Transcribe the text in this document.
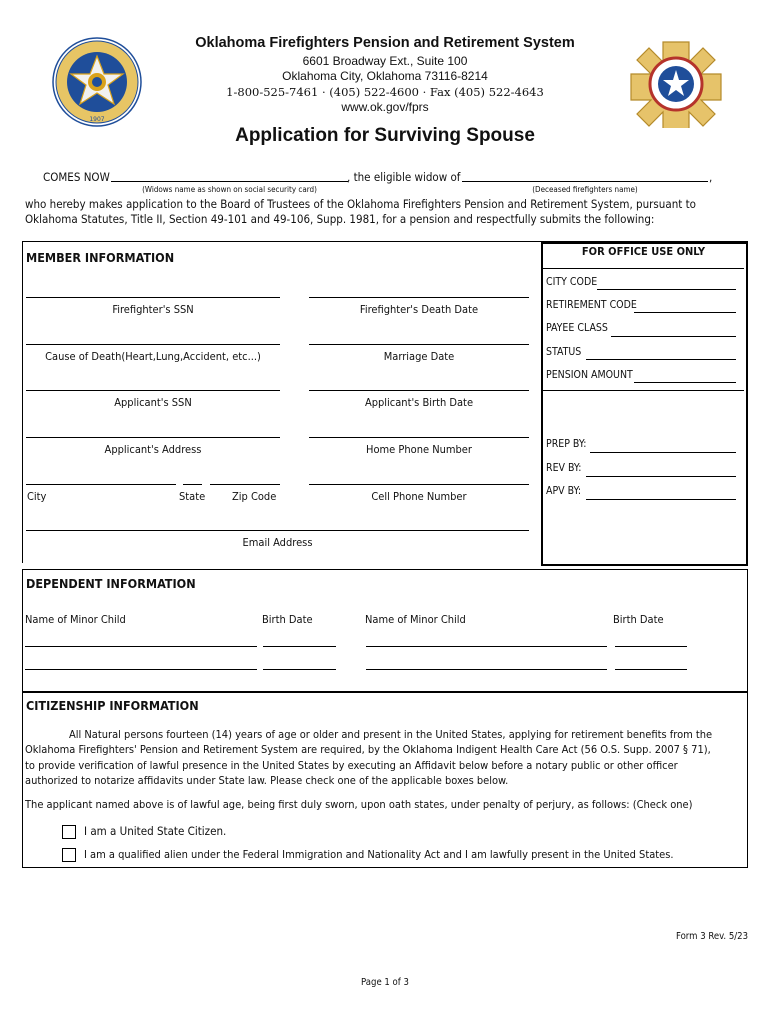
1907
Oklahoma Firefighters Pension and Retirement System
6601 Broadway Ext., Suite 100
Oklahoma City, Oklahoma 73116-8214
1-800-525-7461 · (405) 522-4600 · Fax (405) 522-4643
www.ok.gov/fprs
Application for Surviving Spouse
COMES NOW	, the eligible widow of	,
(Widows name as shown on social security card)	(Deceased firefighters name)
who hereby makes application to the Board of Trustees of the Oklahoma Firefighters Pension and Retirement System, pursuant to
Oklahoma Statutes, Title II, Section 49-101 and 49-106, Supp. 1981, for a pension and respectfully submits the following:
MEMBER INFORMATION
Firefighter's SSN	Firefighter's Death Date
Cause of Death(Heart,Lung,Accident, etc...)	Marriage Date
Applicant's SSN	Applicant's Birth Date
Applicant's Address	Home Phone Number
City	State Zip Code	Cell Phone Number
Email Address
FOR OFFICE USE ONLY
CITY CODE
RETIREMENT CODE
PAYEE CLASS
STATUS
PENSION AMOUNT
PREP BY:
REV BY:
APV BY:
DEPENDENT INFORMATION
Name of Minor Child	Birth Date	Name of Minor Child	Birth Date
CITIZENSHIP INFORMATION
All Natural persons fourteen (14) years of age or older and present in the United States, applying for retirement benefits from the
Oklahoma Firefighters' Pension and Retirement System are required, by the Oklahoma Indigent Health Care Act (56 O.S. Supp. 2007 § 71),
to provide verification of lawful presence in the United States by executing an Affidavit below before a notary public or other officer
authorized to notarize affidavits under State law. Please check one of the applicable boxes below.
The applicant named above is of lawful age, being first duly sworn, upon oath states, under penalty of perjury, as follows: (Check one)
I am a United State Citizen.
I am a qualified alien under the Federal Immigration and Nationality Act and I am lawfully present in the United States.
Form 3 Rev. 5/23
Page 1 of 3
